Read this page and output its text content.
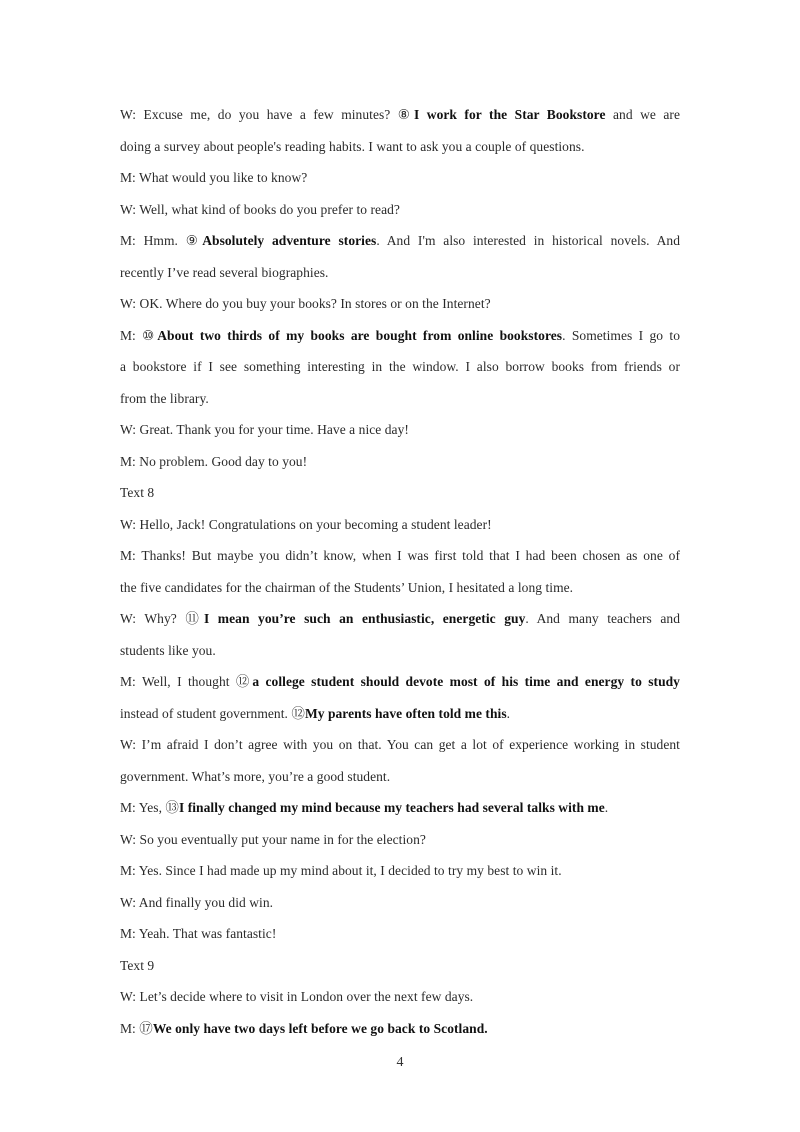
W: Excuse me, do you have a few minutes? ⑧I work for the Star Bookstore and we are
doing a survey about people's reading habits. I want to ask you a couple of questions.
M: What would you like to know?
W: Well, what kind of books do you prefer to read?
M: Hmm. ⑨Absolutely adventure stories. And I'm also interested in historical novels. And
recently I’ve read several biographies.
W: OK. Where do you buy your books? In stores or on the Internet?
M: ⑩About two thirds of my books are bought from online bookstores. Sometimes I go to
a bookstore if I see something interesting in the window. I also borrow books from friends or
from the library.
W: Great. Thank you for your time. Have a nice day!
M: No problem. Good day to you!
Text 8
W: Hello, Jack! Congratulations on your becoming a student leader!
M: Thanks! But maybe you didn’t know, when I was first told that I had been chosen as one of
the five candidates for the chairman of the Students’ Union, I hesitated a long time.
W: Why? ⑪I mean you’re such an enthusiastic, energetic guy. And many teachers and
students like you.
M: Well, I thought ⑫a college student should devote most of his time and energy to study
instead of student government. ⑫My parents have often told me this.
W: I’m afraid I don’t agree with you on that. You can get a lot of experience working in student
government. What’s more, you’re a good student.
M: Yes, ⑬I finally changed my mind because my teachers had several talks with me.
W: So you eventually put your name in for the election?
M: Yes. Since I had made up my mind about it, I decided to try my best to win it.
W: And finally you did win.
M: Yeah. That was fantastic!
Text 9
W: Let’s decide where to visit in London over the next few days.
M: ⑰We only have two days left before we go back to Scotland.
4
